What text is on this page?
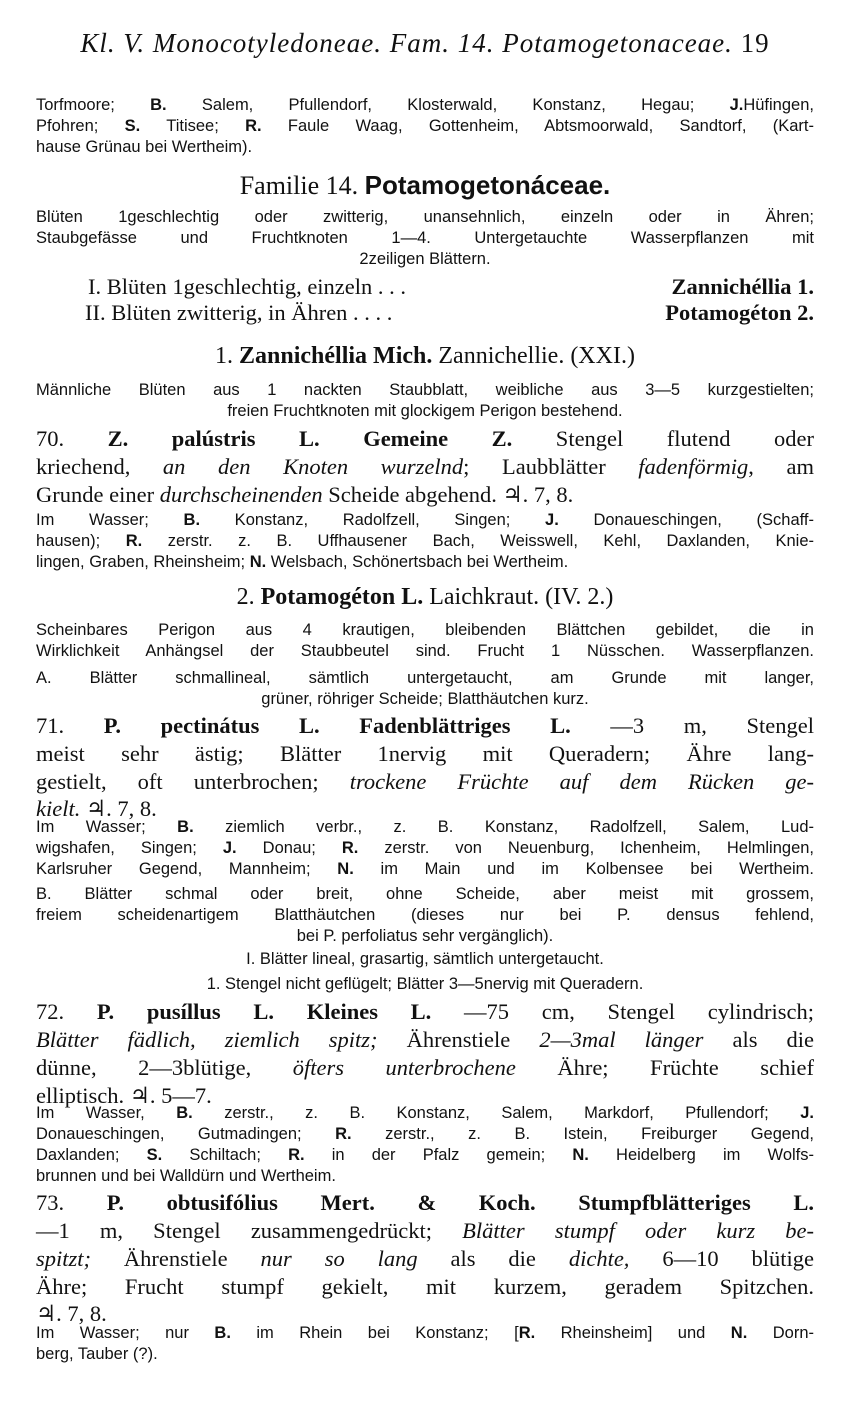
Kl. V. Monocotyledoneae. Fam. 14. Potamogetonaceae. 19
Torfmoore; B. Salem, Pfullendorf, Klosterwald, Konstanz, Hegau; J.Hüfingen,
Pfohren; S. Titisee; R. Faule Waag, Gottenheim, Abtsmoorwald, Sandtorf, (Kart-
hause Grünau bei Wertheim).
Familie 14. Potamogetonáceae.
Blüten 1geschlechtig oder zwitterig, unansehnlich, einzeln oder in Ähren;
Staubgefässe und Fruchtknoten 1—4. Untergetauchte Wasserpflanzen mit
2zeiligen Blättern.
I. Blüten 1geschlechtig, einzeln . . .	Zannichéllia 1.
II. Blüten zwitterig, in Ähren . . . .	Potamogéton 2.
1. Zannichéllia Mich. Zannichellie. (XXI.)
Männliche Blüten aus 1 nackten Staubblatt, weibliche aus 3—5 kurzgestielten;
freien Fruchtknoten mit glockigem Perigon bestehend.
70. Z. palústris L. Gemeine Z. Stengel flutend oder
kriechend, an den Knoten wurzelnd; Laubblätter fadenförmig, am
Grunde einer durchscheinenden Scheide abgehend. ♃. 7, 8.
Im Wasser; B. Konstanz, Radolfzell, Singen; J. Donaueschingen, (Schaff-
hausen); R. zerstr. z. B. Uffhausener Bach, Weisswell, Kehl, Daxlanden, Knie-
lingen, Graben, Rheinsheim; N. Welsbach, Schönertsbach bei Wertheim.
2. Potamogéton L. Laichkraut. (IV. 2.)
Scheinbares Perigon aus 4 krautigen, bleibenden Blättchen gebildet, die in
Wirklichkeit Anhängsel der Staubbeutel sind. Frucht 1 Nüsschen. Wasserpflanzen.
A. Blätter schmallineal, sämtlich untergetaucht, am Grunde mit langer,
grüner, röhriger Scheide; Blatthäutchen kurz.
71. P. pectinátus L. Fadenblättriges L. —3 m, Stengel
meist sehr ästig; Blätter 1nervig mit Queradern; Ähre lang-
gestielt, oft unterbrochen; trockene Früchte auf dem Rücken ge-
kielt. ♃. 7, 8.
Im Wasser; B. ziemlich verbr., z. B. Konstanz, Radolfzell, Salem, Lud-
wigshafen, Singen; J. Donau; R. zerstr. von Neuenburg, Ichenheim, Helmlingen,
Karlsruher Gegend, Mannheim; N. im Main und im Kolbensee bei Wertheim.
B. Blätter schmal oder breit, ohne Scheide, aber meist mit grossem,
freiem scheidenartigem Blatthäutchen (dieses nur bei P. densus fehlend,
bei P. perfoliatus sehr vergänglich).
I. Blätter lineal, grasartig, sämtlich untergetaucht.
1. Stengel nicht geflügelt; Blätter 3—5nervig mit Queradern.
72. P. pusíllus L. Kleines L. —75 cm, Stengel cylindrisch;
Blätter fädlich, ziemlich spitz; Ährenstiele 2—3mal länger als die
dünne, 2—3blütige, öfters unterbrochene Ähre; Früchte schief
elliptisch. ♃. 5—7.
Im Wasser, B. zerstr., z. B. Konstanz, Salem, Markdorf, Pfullendorf; J.
Donaueschingen, Gutmadingen; R. zerstr., z. B. Istein, Freiburger Gegend,
Daxlanden; S. Schiltach; R. in der Pfalz gemein; N. Heidelberg im Wolfs-
brunnen und bei Walldürn und Wertheim.
73. P. obtusifólius Mert. & Koch. Stumpfblätteriges L.
—1 m, Stengel zusammengedrückt; Blätter stumpf oder kurz be-
spitzt; Ährenstiele nur so lang als die dichte, 6—10 blütige
Ähre; Frucht stumpf gekielt, mit kurzem, geradem Spitzchen.
♃. 7, 8.
Im Wasser; nur B. im Rhein bei Konstanz; [R. Rheinsheim] und N. Dorn-
berg, Tauber (?).
